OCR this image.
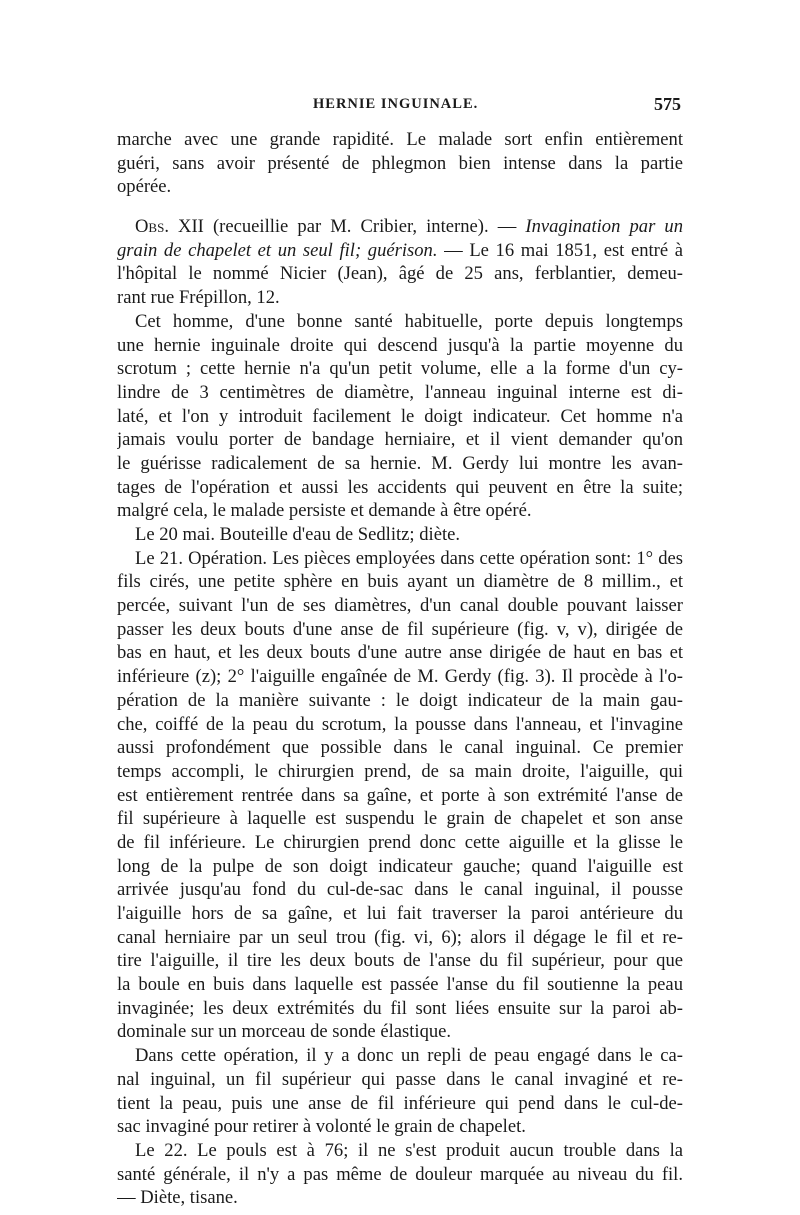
HERNIE INGUINALE.	575
marche avec une grande rapidité. Le malade sort enfin entièrement
guéri, sans avoir présenté de phlegmon bien intense dans la partie
opérée.
Obs. XII (recueillie par M. Cribier, interne). — Invagination par un
grain de chapelet et un seul fil; guérison. — Le 16 mai 1851, est entré à
l'hôpital le nommé Nicier (Jean), âgé de 25 ans, ferblantier, demeu-
rant rue Frépillon, 12.
Cet homme, d'une bonne santé habituelle, porte depuis longtemps
une hernie inguinale droite qui descend jusqu'à la partie moyenne du
scrotum ; cette hernie n'a qu'un petit volume, elle a la forme d'un cy-
lindre de 3 centimètres de diamètre, l'anneau inguinal interne est di-
laté, et l'on y introduit facilement le doigt indicateur. Cet homme n'a
jamais voulu porter de bandage herniaire, et il vient demander qu'on
le guérisse radicalement de sa hernie. M. Gerdy lui montre les avan-
tages de l'opération et aussi les accidents qui peuvent en être la suite;
malgré cela, le malade persiste et demande à être opéré.
Le 20 mai. Bouteille d'eau de Sedlitz; diète.
Le 21. Opération. Les pièces employées dans cette opération sont: 1° des
fils cirés, une petite sphère en buis ayant un diamètre de 8 millim., et
percée, suivant l'un de ses diamètres, d'un canal double pouvant laisser
passer les deux bouts d'une anse de fil supérieure (fig. v, v), dirigée de
bas en haut, et les deux bouts d'une autre anse dirigée de haut en bas et
inférieure (z); 2° l'aiguille engaînée de M. Gerdy (fig. 3). Il procède à l'o-
pération de la manière suivante : le doigt indicateur de la main gau-
che, coiffé de la peau du scrotum, la pousse dans l'anneau, et l'invagine
aussi profondément que possible dans le canal inguinal. Ce premier
temps accompli, le chirurgien prend, de sa main droite, l'aiguille, qui
est entièrement rentrée dans sa gaîne, et porte à son extrémité l'anse de
fil supérieure à laquelle est suspendu le grain de chapelet et son anse
de fil inférieure. Le chirurgien prend donc cette aiguille et la glisse le
long de la pulpe de son doigt indicateur gauche; quand l'aiguille est
arrivée jusqu'au fond du cul-de-sac dans le canal inguinal, il pousse
l'aiguille hors de sa gaîne, et lui fait traverser la paroi antérieure du
canal herniaire par un seul trou (fig. vi, 6); alors il dégage le fil et re-
tire l'aiguille, il tire les deux bouts de l'anse du fil supérieur, pour que
la boule en buis dans laquelle est passée l'anse du fil soutienne la peau
invaginée; les deux extrémités du fil sont liées ensuite sur la paroi ab-
dominale sur un morceau de sonde élastique.
Dans cette opération, il y a donc un repli de peau engagé dans le ca-
nal inguinal, un fil supérieur qui passe dans le canal invaginé et re-
tient la peau, puis une anse de fil inférieure qui pend dans le cul-de-
sac invaginé pour retirer à volonté le grain de chapelet.
Le 22. Le pouls est à 76; il ne s'est produit aucun trouble dans la
santé générale, il n'y a pas même de douleur marquée au niveau du fil.
— Diète, tisane.
